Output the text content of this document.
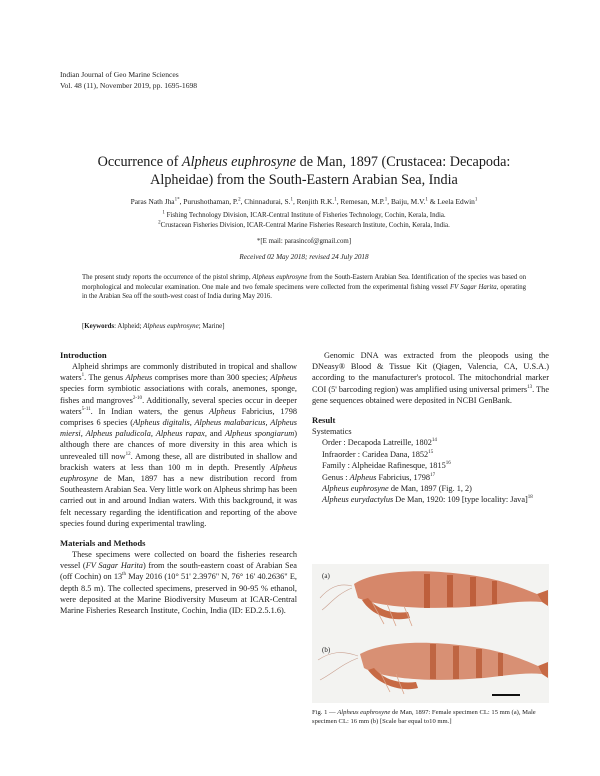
Indian Journal of Geo Marine Sciences
Vol. 48 (11), November 2019, pp. 1695-1698
Occurrence of Alpheus euphrosyne de Man, 1897 (Crustacea: Decapoda:
Alpheidae) from the South-Eastern Arabian Sea, India
Paras Nath Jha$^{1*}$, Purushothaman, P.$^2$, Chinnadurai, S.$^1$, Renjith R.K.$^1$, Remesan, M.P.$^1$, Baiju, M.V.$^1$ & Leela Edwin$^1$
$^1$ Fishing Technology Division, ICAR-Central Institute of Fisheries Technology, Cochin, Kerala, India.
$^2$Crustacean Fisheries Division, ICAR-Central Marine Fisheries Research Institute, Cochin, Kerala, India.
*[E mail: parasincof@gmail.com]
Received 02 May 2018; revised 24 July 2018
The present study reports the occurrence of the pistol shrimp, Alpheus euphrosyne from the South-Eastern Arabian Sea. Identification of the species was based on morphological and molecular examination. One male and two female specimens were collected from the experimental fishing vessel FV Sagar Harita, operating in the Arabian Sea off the south-west coast of India during May 2016.
[Keywords: Alpheid; Alpheus euphrosyne; Marine]
Introduction

Alpheid shrimps are commonly distributed in tropical and shallow waters$^1$. The genus Alpheus comprises more than 300 species; Alpheus species form symbiotic associations with corals, anemones, sponge, fishes and mangroves$^{2-10}$. Additionally, several species occur in deeper waters$^{5-11}$. In Indian waters, the genus Alpheus Fabricius, 1798 comprises 6 species (Alpheus digitalis, Alpheus malabaricus, Alpheus miersi, Alpheus paludicola, Alpheus rapax, and Alpheus spongiarum) although there are chances of more diversity in this area which is unrevealed till now$^{12}$. Among these, all are distributed in shallow and brackish waters at less than 100 m in depth. Presently Alpheus euphrosyne de Man, 1897 has a new distribution record from Southeastern Arabian Sea. Very little work on Alpheus shrimp has been carried out in and around Indian waters. With this background, it was felt necessary regarding the identification and reporting of the above species found during experimental trawling.

Materials and Methods

These specimens were collected on board the fisheries research vessel (FV Sagar Harita) from the south-eastern coast of Arabian Sea (off Cochin) on 13th May 2016 (10° 51' 2.3976" N, 76° 16' 40.2636" E, depth 8.5 m). The collected specimens, preserved in 90-95 % ethanol, were deposited at the Marine Biodiversity Museum at ICAR-Central Marine Fisheries Research Institute, Cochin, India (ID: ED.2.5.1.6).

Genomic DNA was extracted from the pleopods using the DNeasy® Blood & Tissue Kit (Qiagen, Valencia, CA, U.S.A.) according to the manufacturer's protocol. The mitochondrial marker COI (5' barcoding region) was amplified using universal primers$^{13}$. The gene sequences obtained were deposited in NCBI GenBank.

Result
Systematics
Order : Decapoda Latreille, 1802$^{14}$
Infraorder : Caridea Dana, 1852$^{15}$
Family : Alpheidae Rafinesque, 1815$^{16}$
Genus : Alpheus Fabricius, 1798$^{17}$
Alpheus euphrosyne de Man, 1897 (Fig. 1, 2)
Alpheus eurydactylus De Man, 1920: 109 [type locality: Java]$^{18}$
(a)
(b)
Fig. 1 — Alpheus euphrosyne de Man, 1897: Female specimen CL: 15 mm (a), Male specimen CL: 16 mm (b) [Scale bar equal to10 mm.]
